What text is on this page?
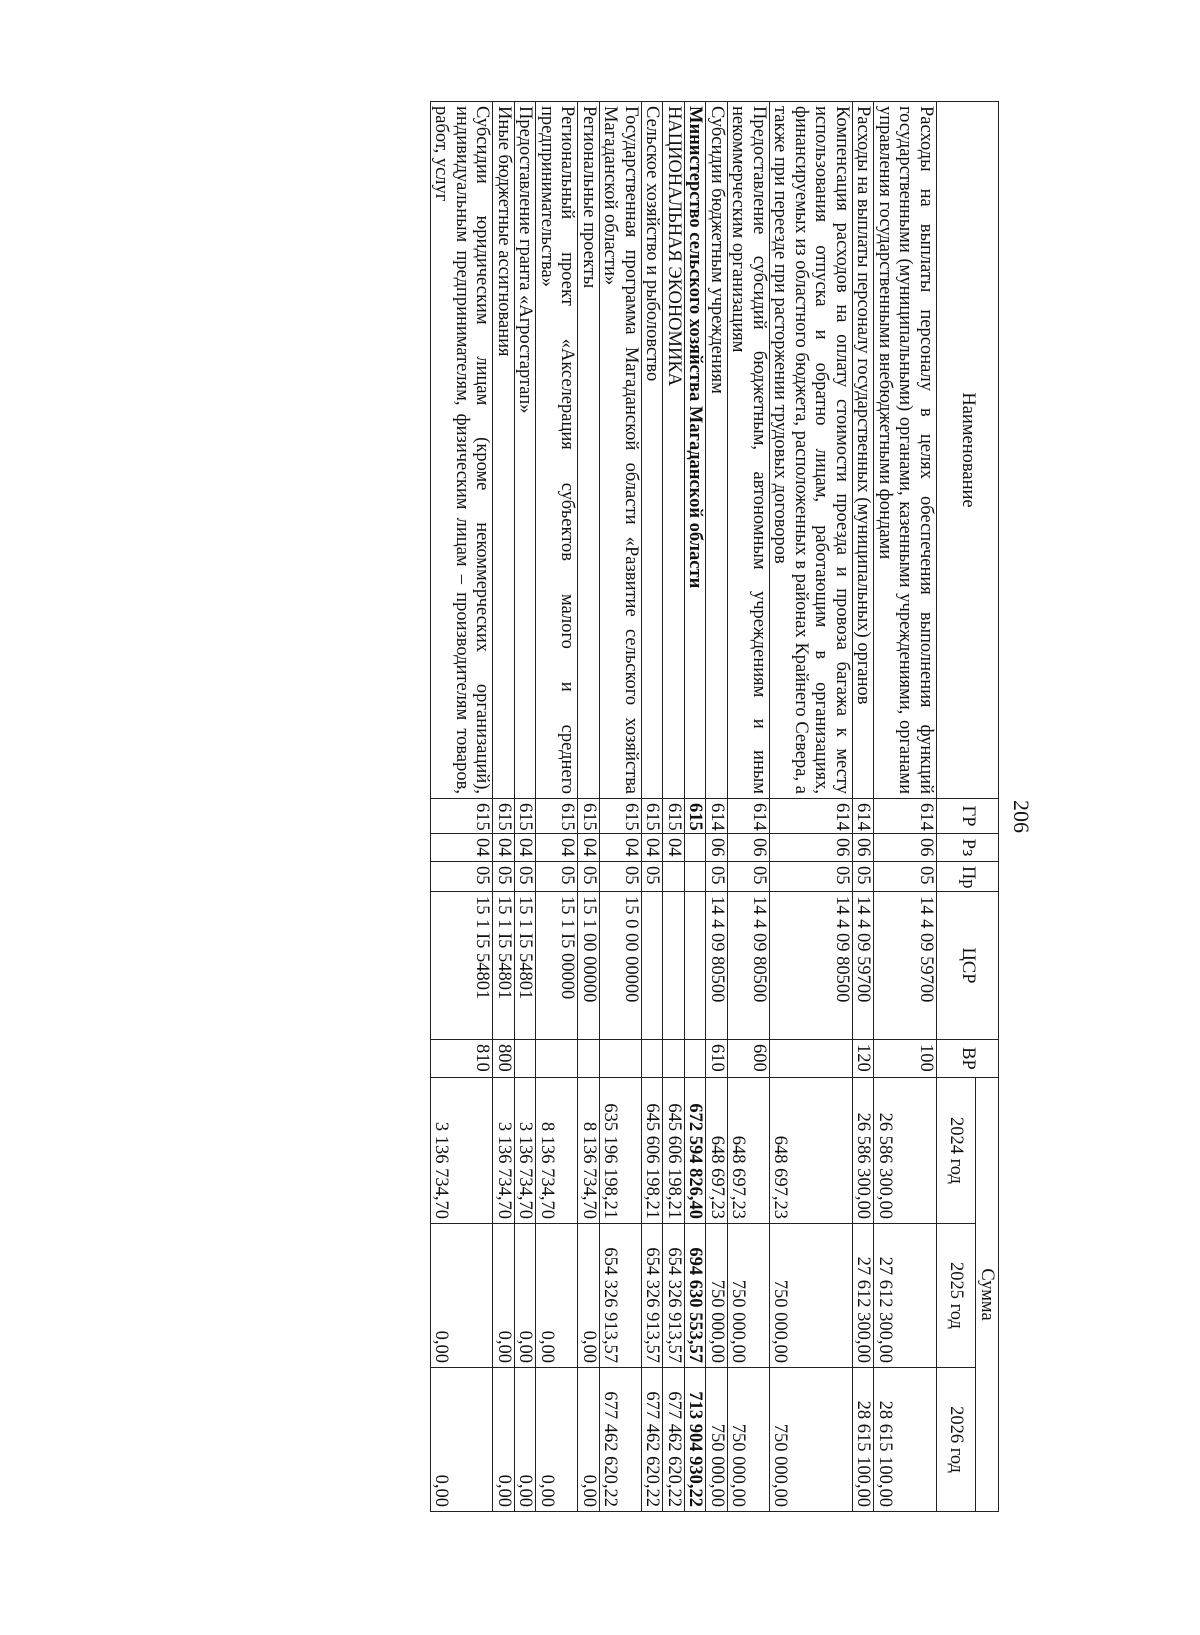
206
Наименование	ГР	Рз	Пр	ЦСР	ВР	Сумма		
						2024 год	2025 год	2026 год
Расходы на выплаты персоналу в целях обеспечения выполнения функций государственными (муниципальными) органами, казенными учреждениями, органами управления государственными внебюджетными фондами	614	06	05	14 4 09 59700	100	26 586 300,00	27 612 300,00	28 615 100,00
Расходы на выплаты персоналу государственных (муниципальных) органов	614	06	05	14 4 09 59700	120	26 586 300,00	27 612 300,00	28 615 100,00
Компенсация расходов на оплату стоимости проезда и провоза багажа к месту использования отпуска и обратно лицам, работающим в организациях, финансируемых из областного бюджета, расположенных в районах Крайнего Севера, а также при переезде при расторжении трудовых договоров	614	06	05	14 4 09 80500		648 697,23	750 000,00	750 000,00
Предоставление субсидий бюджетным, автономным учреждениям и иным некоммерческим организациям	614	06	05	14 4 09 80500	600	648 697,23	750 000,00	750 000,00
Субсидии бюджетным учреждениям	614	06	05	14 4 09 80500	610	648 697,23	750 000,00	750 000,00
Министерство сельского хозяйства Магаданской области	615					672 594 826,40	694 630 553,57	713 904 930,22
НАЦИОНАЛЬНАЯ ЭКОНОМИКА	615	04				645 606 198,21	654 326 913,57	677 462 620,22
Сельское хозяйство и рыболовство	615	04	05			645 606 198,21	654 326 913,57	677 462 620,22
Государственная программа Магаданской области «Развитие сельского хозяйства Магаданской области»	615	04	05	15 0 00 00000		635 196 198,21	654 326 913,57	677 462 620,22
Региональные проекты	615	04	05	15 1 00 00000		8 136 734,70	0,00	0,00
Региональный проект «Акселерация субъектов малого и среднего предпринимательства»	615	04	05	15 1 I5 00000		8 136 734,70	0,00	0,00
Предоставление гранта «Агростартап»	615	04	05	15 1 I5 54801		3 136 734,70	0,00	0,00
Иные бюджетные ассигнования	615	04	05	15 1 I5 54801	800	3 136 734,70	0,00	0,00
Субсидии юридическим лицам (кроме некоммерческих организаций), индивидуальным предпринимателям, физическим лицам – производителям товаров, работ, услуг	615	04	05	15 1 I5 54801	810	3 136 734,70	0,00	0,00
